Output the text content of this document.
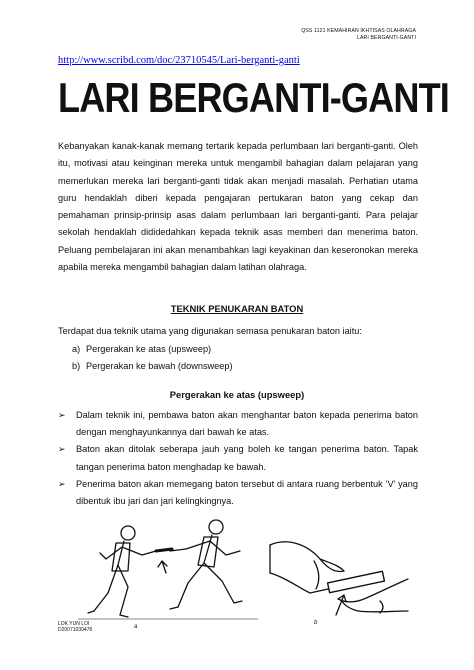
QSS 1121 KEMAHIRAN IKHTISAS OLAHRAGA
LARI BERGANTI-GANTI
http://www.scribd.com/doc/23710545/Lari-berganti-ganti
LARI BERGANTI-GANTI

Kebanyakan kanak-kanak memang tertarik kepada perlumbaan lari berganti-ganti. Oleh itu, motivasi atau keinginan mereka untuk mengambil bahagian dalam pelajaran yang memerlukan mereka lari berganti-ganti tidak akan menjadi masalah. Perhatian utama guru hendaklah diberi kepada pengajaran pertukaran baton yang cekap dan pemahaman prinsip-prinsip asas dalam perlumbaan lari berganti-ganti. Para pelajar sekolah hendaklah dididedahkan kepada teknik asas memberi dan menerima baton. Peluang pembelajaran ini akan menambahkan lagi keyakinan dan keseronokan mereka apabila mereka mengambil bahagian dalam latihan olahraga.

TEKNIK PENUKARAN BATON
Terdapat dua teknik utama yang digunakan semasa penukaran baton iaitu:
a) Pergerakan ke atas (upsweep)
b) Pergerakan ke bawah (downsweep)
Pergerakan ke atas (upsweep)
➢	Dalam teknik ini, pembawa baton akan menghantar baton kepada penerima baton dengan menghayunkannya dari bawah ke atas.
➢	Baton akan ditolak seberapa jauh yang boleh ke tangan penerima baton. Tapak tangan penerima baton menghadap ke bawah.
➢	Penerima baton akan memegang baton tersebut di antara ruang berbentuk ‘V’ yang dibentuk ibu jari dan jari kelingkingnya.
LOK YUN LOI
D20071030478	a
b
